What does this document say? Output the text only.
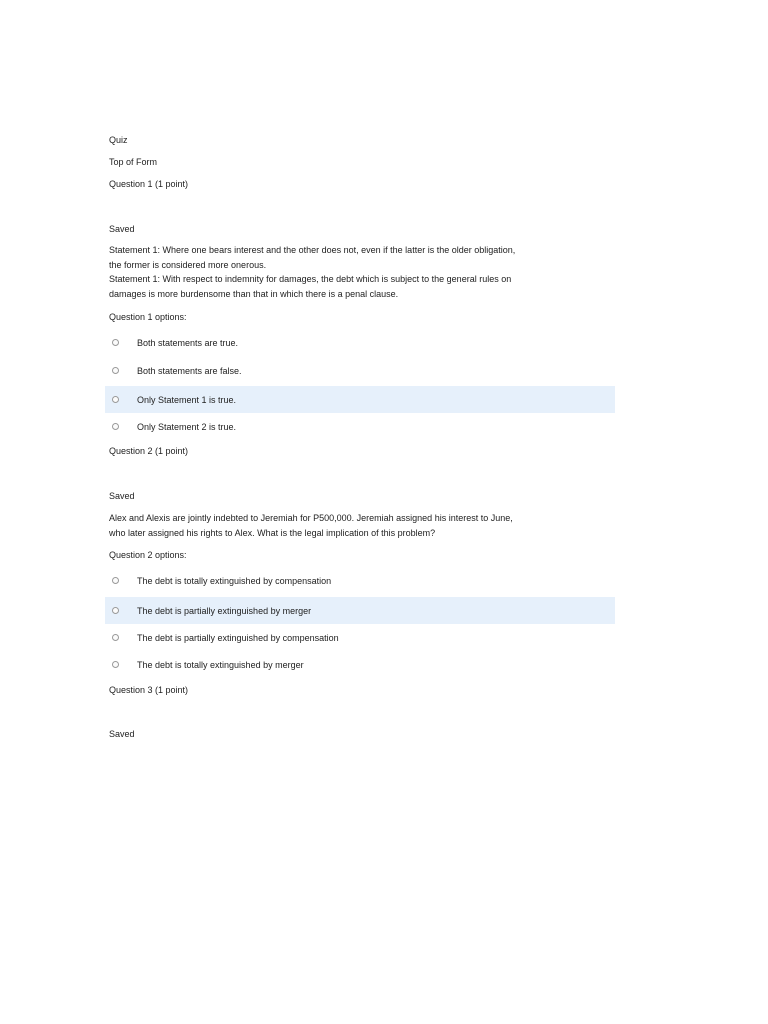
Quiz
Top of Form
Question 1 (1 point)
Saved
Statement 1: Where one bears interest and the other does not, even if the latter is the older obligation,
the former is considered more onerous.
Statement 1: With respect to indemnity for damages, the debt which is subject to the general rules on
damages is more burdensome than that in which there is a penal clause.
Question 1 options:
Both statements are true.
Both statements are false.
Only Statement 1 is true.
Only Statement 2 is true.
Question 2 (1 point)
Saved
Alex and Alexis are jointly indebted to Jeremiah for P500,000. Jeremiah assigned his interest to June,
who later assigned his rights to Alex. What is the legal implication of this problem?
Question 2 options:
The debt is totally extinguished by compensation
The debt is partially extinguished by merger
The debt is partially extinguished by compensation
The debt is totally extinguished by merger
Question 3 (1 point)
Saved
